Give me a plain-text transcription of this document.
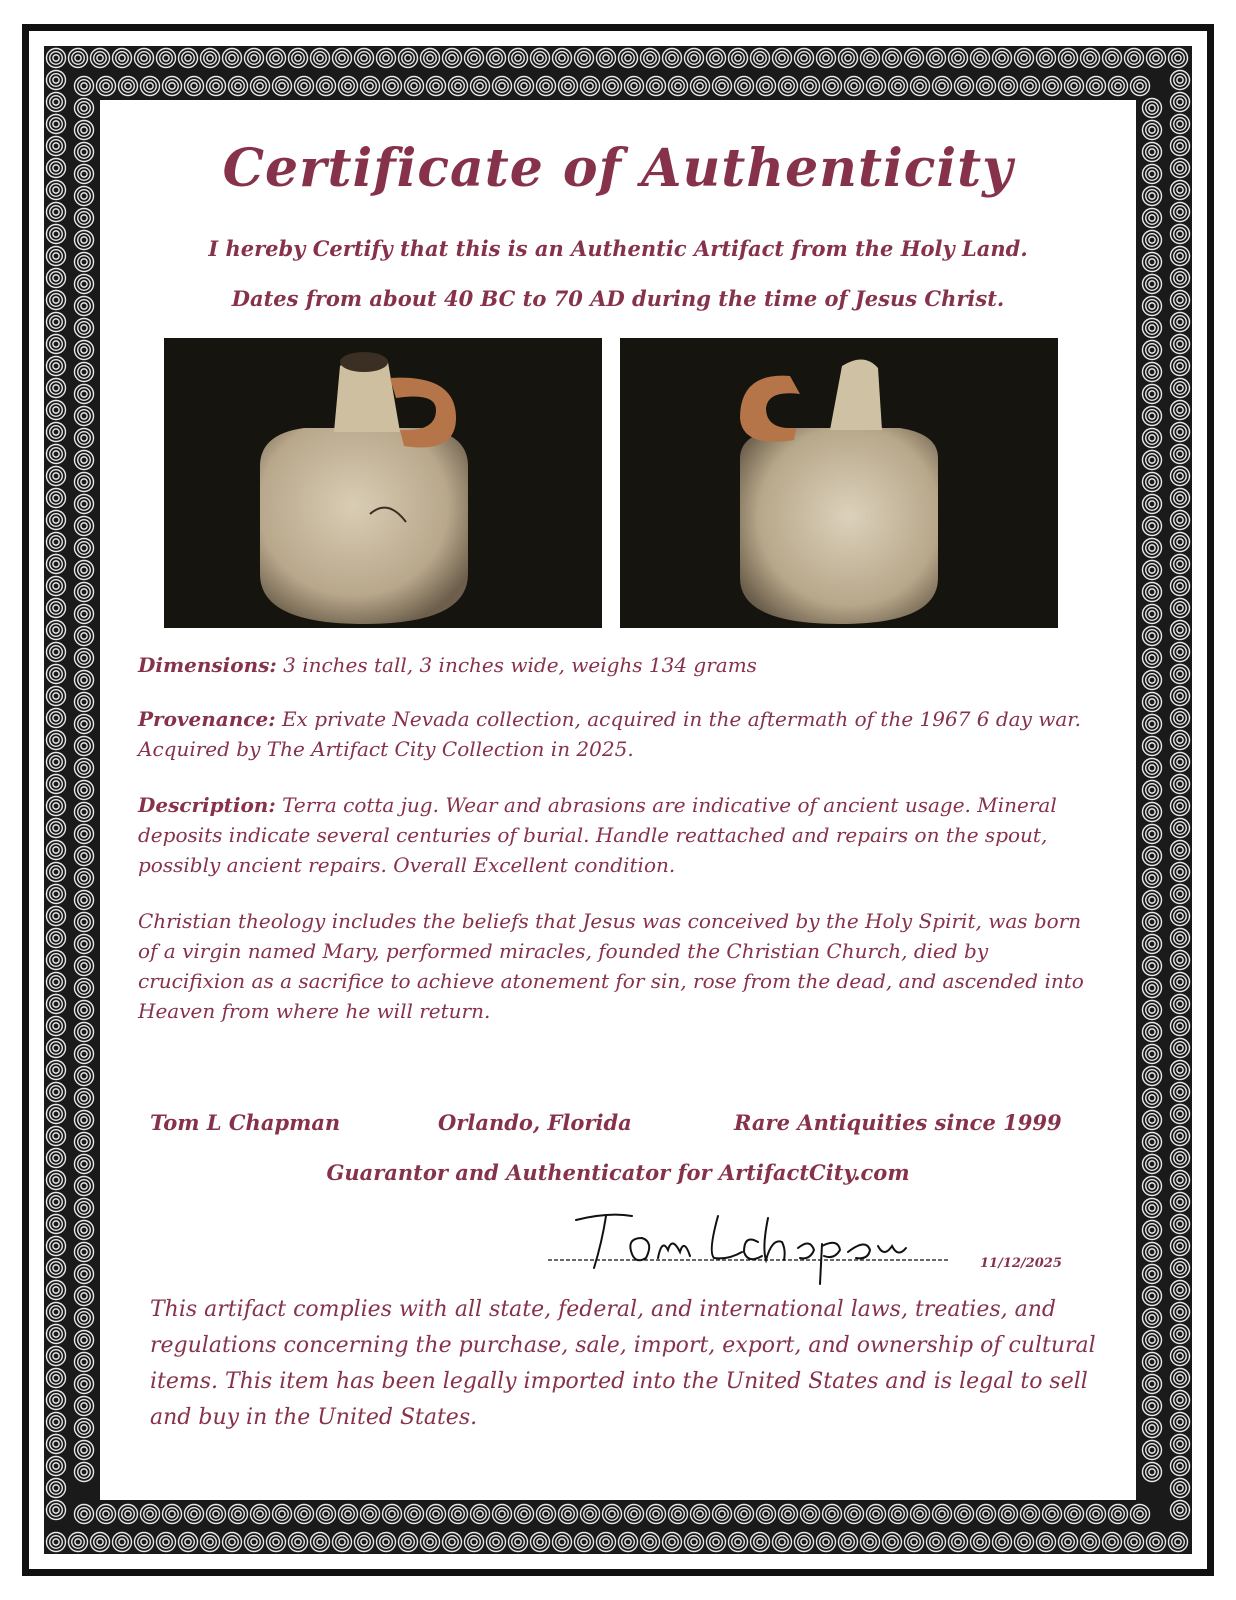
Certificate of Authenticity
I hereby Certify that this is an Authentic Artifact from the Holy Land.
Dates from about 40 BC to 70 AD during the time of Jesus Christ.
Dimensions: 3 inches tall, 3 inches wide, weighs 134 grams
Provenance: Ex private Nevada collection, acquired in the aftermath of the 1967 6 day war. Acquired by The Artifact City Collection in 2025.
Description: Terra cotta jug. Wear and abrasions are indicative of ancient usage. Mineral deposits indicate several centuries of burial. Handle reattached and repairs on the spout, possibly ancient repairs. Overall Excellent condition.
Christian theology includes the beliefs that Jesus was conceived by the Holy Spirit, was born of a virgin named Mary, performed miracles, founded the Christian Church, died by crucifixion as a sacrifice to achieve atonement for sin, rose from the dead, and ascended into Heaven from where he will return.
Tom L Chapman	Orlando, Florida	Rare Antiquities since 1999
Guarantor and Authenticator for ArtifactCity.com
11/12/2025
This artifact complies with all state, federal, and international laws, treaties, and regulations concerning the purchase, sale, import, export, and ownership of cultural items. This item has been legally imported into the United States and is legal to sell and buy in the United States.
